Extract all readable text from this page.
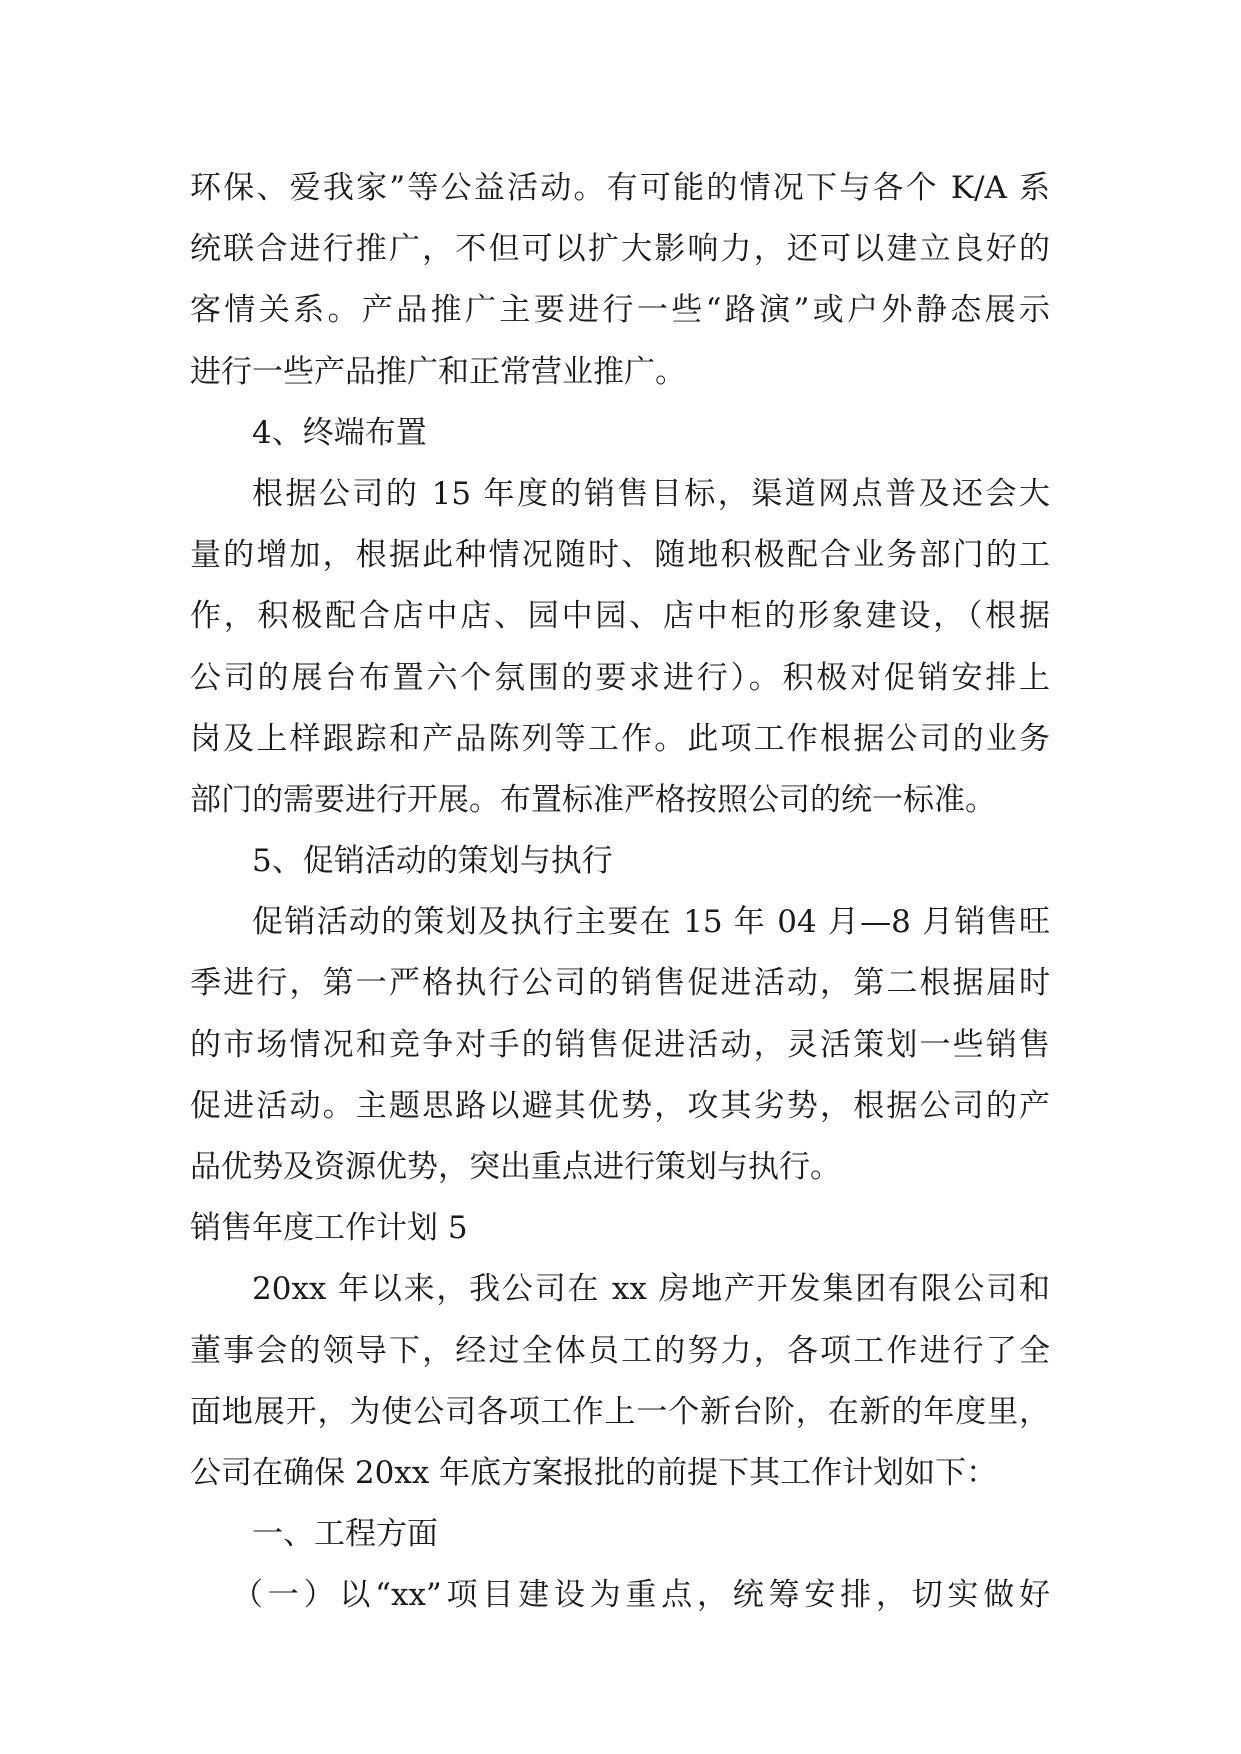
环保、爱我家”等公益活动。有可能的情况下与各个 K/A 系
统联合进行推广，不但可以扩大影响力，还可以建立良好的
客情关系。产品推广主要进行一些“路演”或户外静态展示
进行一些产品推广和正常营业推广。
4、终端布置
根据公司的 15 年度的销售目标，渠道网点普及还会大
量的增加，根据此种情况随时、随地积极配合业务部门的工
作，积极配合店中店、园中园、店中柜的形象建设，（根据
公司的展台布置六个氛围的要求进行）。积极对促销安排上
岗及上样跟踪和产品陈列等工作。此项工作根据公司的业务
部门的需要进行开展。布置标准严格按照公司的统一标准。
5、促销活动的策划与执行
促销活动的策划及执行主要在 15 年 04 月—8 月销售旺
季进行，第一严格执行公司的销售促进活动，第二根据届时
的市场情况和竞争对手的销售促进活动，灵活策划一些销售
促进活动。主题思路以避其优势，攻其劣势，根据公司的产
品优势及资源优势，突出重点进行策划与执行。
销售年度工作计划 5
20xx 年以来，我公司在 xx 房地产开发集团有限公司和
董事会的领导下，经过全体员工的努力，各项工作进行了全
面地展开，为使公司各项工作上一个新台阶，在新的年度里，
公司在确保 20xx 年底方案报批的前提下其工作计划如下：
一、工程方面
（一）以“xx”项目建设为重点，统筹安排，切实做好
